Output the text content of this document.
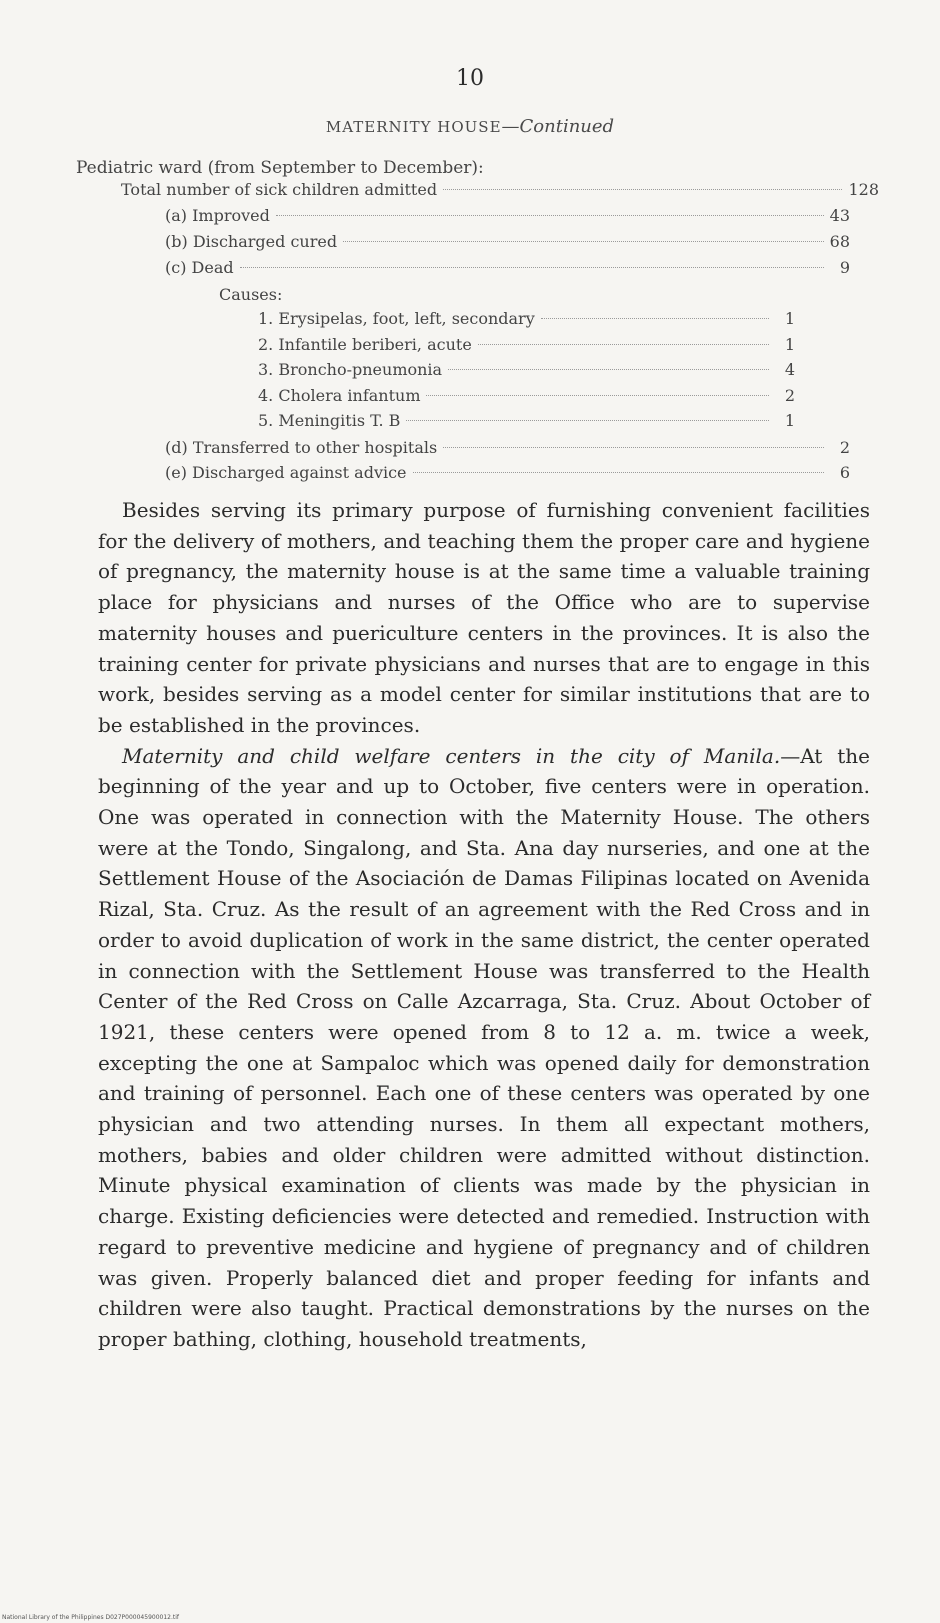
10
MATERNITY HOUSE—Continued
Pediatric ward (from September to December):
Total number of sick children admitted	128
(a) Improved	43
(b) Discharged cured	68
(c) Dead	9
Causes:
1. Erysipelas, foot, left, secondary	1
2. Infantile beriberi, acute	1
3. Broncho-pneumonia	4
4. Cholera infantum	2
5. Meningitis T. B	1
(d) Transferred to other hospitals	2
(e) Discharged against advice	6

Besides serving its primary purpose of furnishing convenient facilities for the delivery of mothers, and teaching them the proper care and hygiene of pregnancy, the maternity house is at the same time a valuable training place for physicians and nurses of the Office who are to supervise maternity houses and puericulture centers in the provinces. It is also the training center for private physicians and nurses that are to engage in this work, besides serving as a model center for similar institutions that are to be established in the provinces.

Maternity and child welfare centers in the city of Manila.—At the beginning of the year and up to October, five centers were in operation. One was operated in connection with the Maternity House. The others were at the Tondo, Singalong, and Sta. Ana day nurseries, and one at the Settlement House of the Asociación de Damas Filipinas located on Avenida Rizal, Sta. Cruz. As the result of an agreement with the Red Cross and in order to avoid duplication of work in the same district, the center operated in connection with the Settlement House was transferred to the Health Center of the Red Cross on Calle Azcarraga, Sta. Cruz. About October of 1921, these centers were opened from 8 to 12 a. m. twice a week, excepting the one at Sampaloc which was opened daily for demonstration and training of personnel. Each one of these centers was operated by one physician and two attending nurses. In them all expectant mothers, mothers, babies and older children were admitted without distinction. Minute physical examination of clients was made by the physician in charge. Existing deficiencies were detected and remedied. Instruction with regard to preventive medicine and hygiene of pregnancy and of children was given. Properly balanced diet and proper feeding for infants and children were also taught. Practical demonstrations by the nurses on the proper bathing, clothing, household treatments,

National Library of the Philippines D027P000045900012.tif
